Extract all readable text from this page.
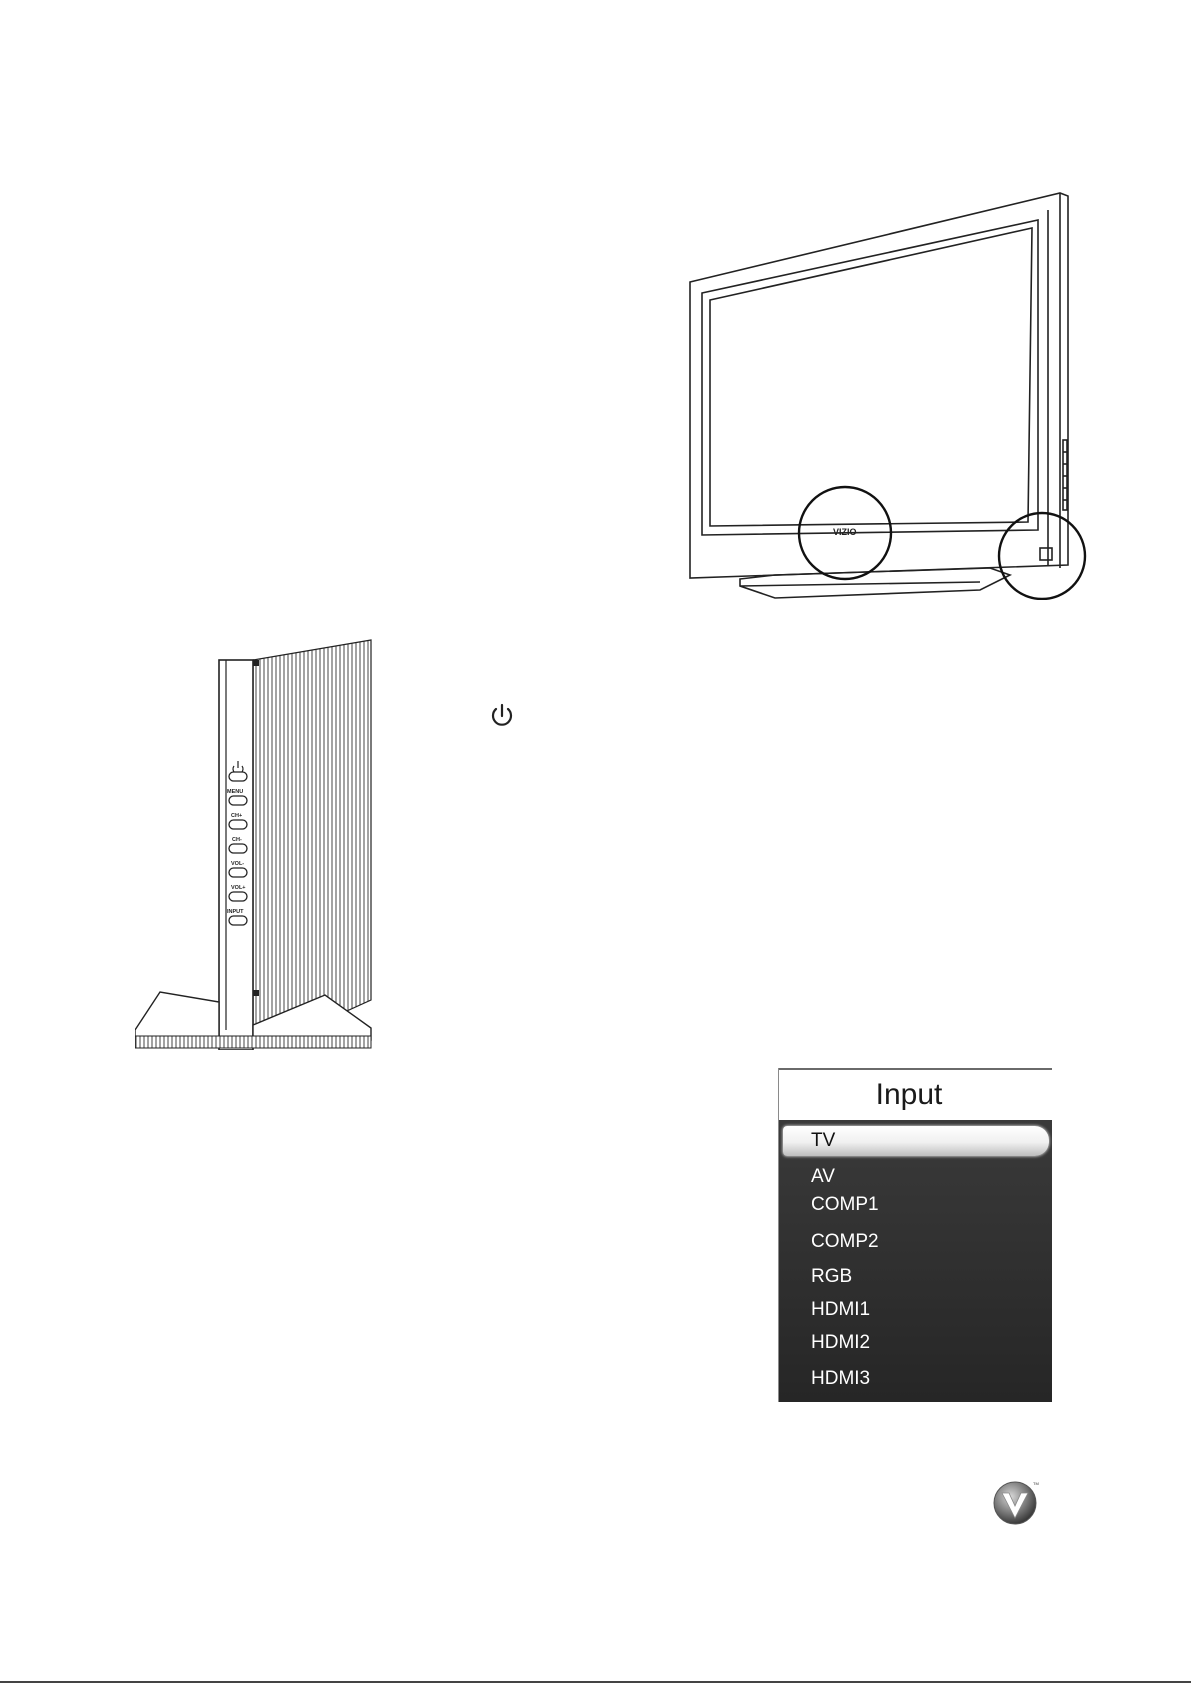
VIZIO
MENU
CH+
CH-
VOL-
VOL+
INPUT
Input
TV
AV
COMP1
COMP2
RGB
HDMI1
HDMI2
HDMI3
TM
